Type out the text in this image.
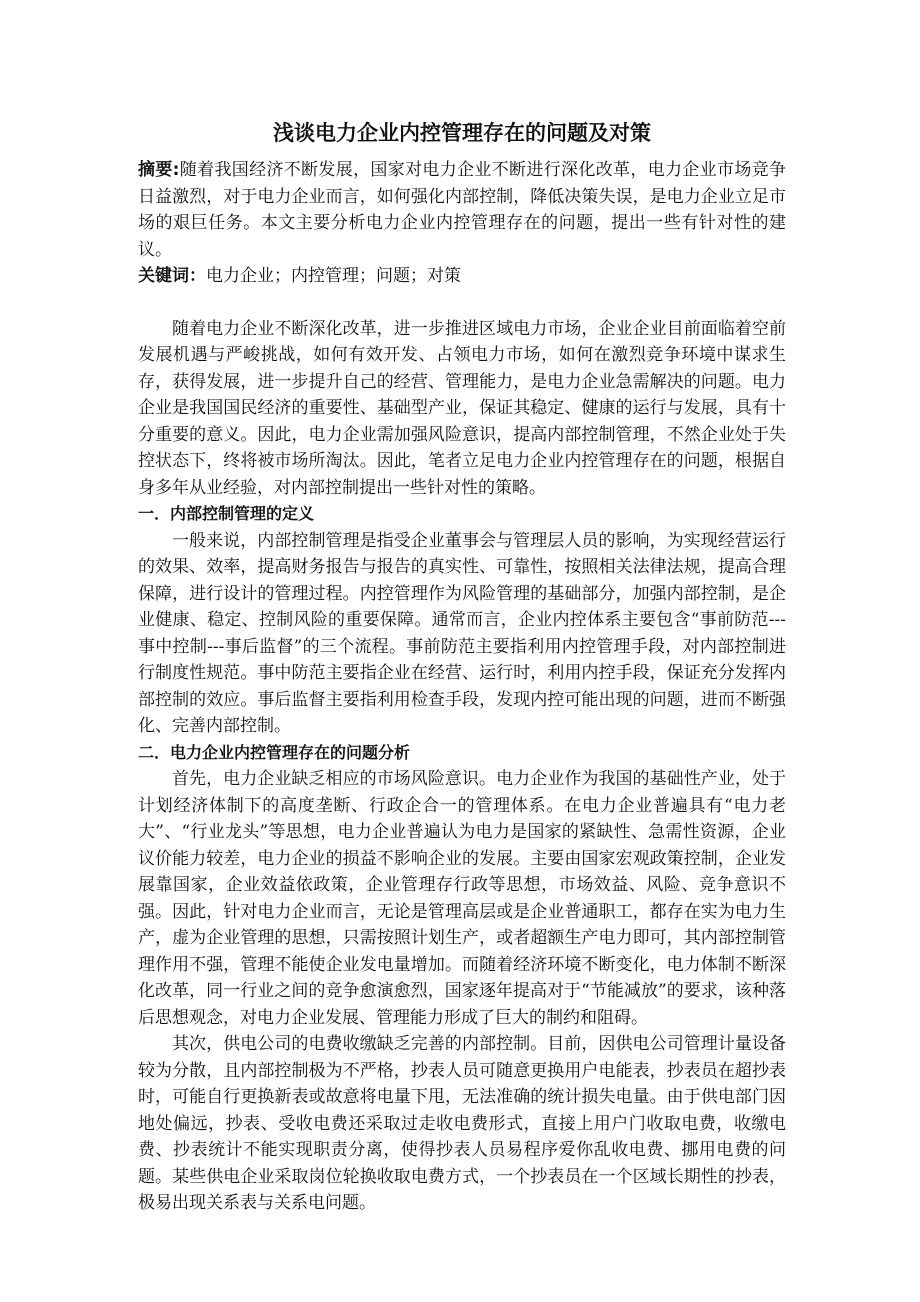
浅谈电力企业内控管理存在的问题及对策

摘要:随着我国经济不断发展，国家对电力企业不断进行深化改革，电力企业市场竞争日益激烈，对于电力企业而言，如何强化内部控制，降低决策失误，是电力企业立足市场的艰巨任务。本文主要分析电力企业内控管理存在的问题，提出一些有针对性的建议。

关键词：电力企业；内控管理；问题；对策

随着电力企业不断深化改革，进一步推进区域电力市场，企业企业目前面临着空前发展机遇与严峻挑战，如何有效开发、占领电力市场，如何在激烈竞争环境中谋求生存，获得发展，进一步提升自己的经营、管理能力，是电力企业急需解决的问题。电力企业是我国国民经济的重要性、基础型产业，保证其稳定、健康的运行与发展，具有十分重要的意义。因此，电力企业需加强风险意识，提高内部控制管理，不然企业处于失控状态下，终将被市场所淘汰。因此，笔者立足电力企业内控管理存在的问题，根据自身多年从业经验，对内部控制提出一些针对性的策略。

一．内部控制管理的定义

一般来说，内部控制管理是指受企业董事会与管理层人员的影响，为实现经营运行的效果、效率，提高财务报告与报告的真实性、可靠性，按照相关法律法规，提高合理保障，进行设计的管理过程。内控管理作为风险管理的基础部分，加强内部控制，是企业健康、稳定、控制风险的重要保障。通常而言，企业内控体系主要包含“事前防范---事中控制---事后监督”的三个流程。事前防范主要指利用内控管理手段，对内部控制进行制度性规范。事中防范主要指企业在经营、运行时，利用内控手段，保证充分发挥内部控制的效应。事后监督主要指利用检查手段，发现内控可能出现的问题，进而不断强化、完善内部控制。

二．电力企业内控管理存在的问题分析

首先，电力企业缺乏相应的市场风险意识。电力企业作为我国的基础性产业，处于计划经济体制下的高度垄断、行政企合一的管理体系。在电力企业普遍具有“电力老大”、“行业龙头”等思想，电力企业普遍认为电力是国家的紧缺性、急需性资源，企业议价能力较差，电力企业的损益不影响企业的发展。主要由国家宏观政策控制，企业发展靠国家，企业效益依政策，企业管理存行政等思想，市场效益、风险、竞争意识不强。因此，针对电力企业而言，无论是管理高层或是企业普通职工，都存在实为电力生产，虚为企业管理的思想，只需按照计划生产，或者超额生产电力即可，其内部控制管理作用不强，管理不能使企业发电量增加。而随着经济环境不断变化，电力体制不断深化改革，同一行业之间的竞争愈演愈烈，国家逐年提高对于“节能减放”的要求，该种落后思想观念，对电力企业发展、管理能力形成了巨大的制约和阻碍。

其次，供电公司的电费收缴缺乏完善的内部控制。目前，因供电公司管理计量设备较为分散，且内部控制极为不严格，抄表人员可随意更换用户电能表，抄表员在超抄表时，可能自行更换新表或故意将电量下甩，无法准确的统计损失电量。由于供电部门因地处偏远，抄表、受收电费还采取过走收电费形式，直接上用户门收取电费，收缴电费、抄表统计不能实现职责分离，使得抄表人员易程序爱你乱收电费、挪用电费的问题。某些供电企业采取岗位轮换收取电费方式，一个抄表员在一个区域长期性的抄表，极易出现关系表与关系电问题。
